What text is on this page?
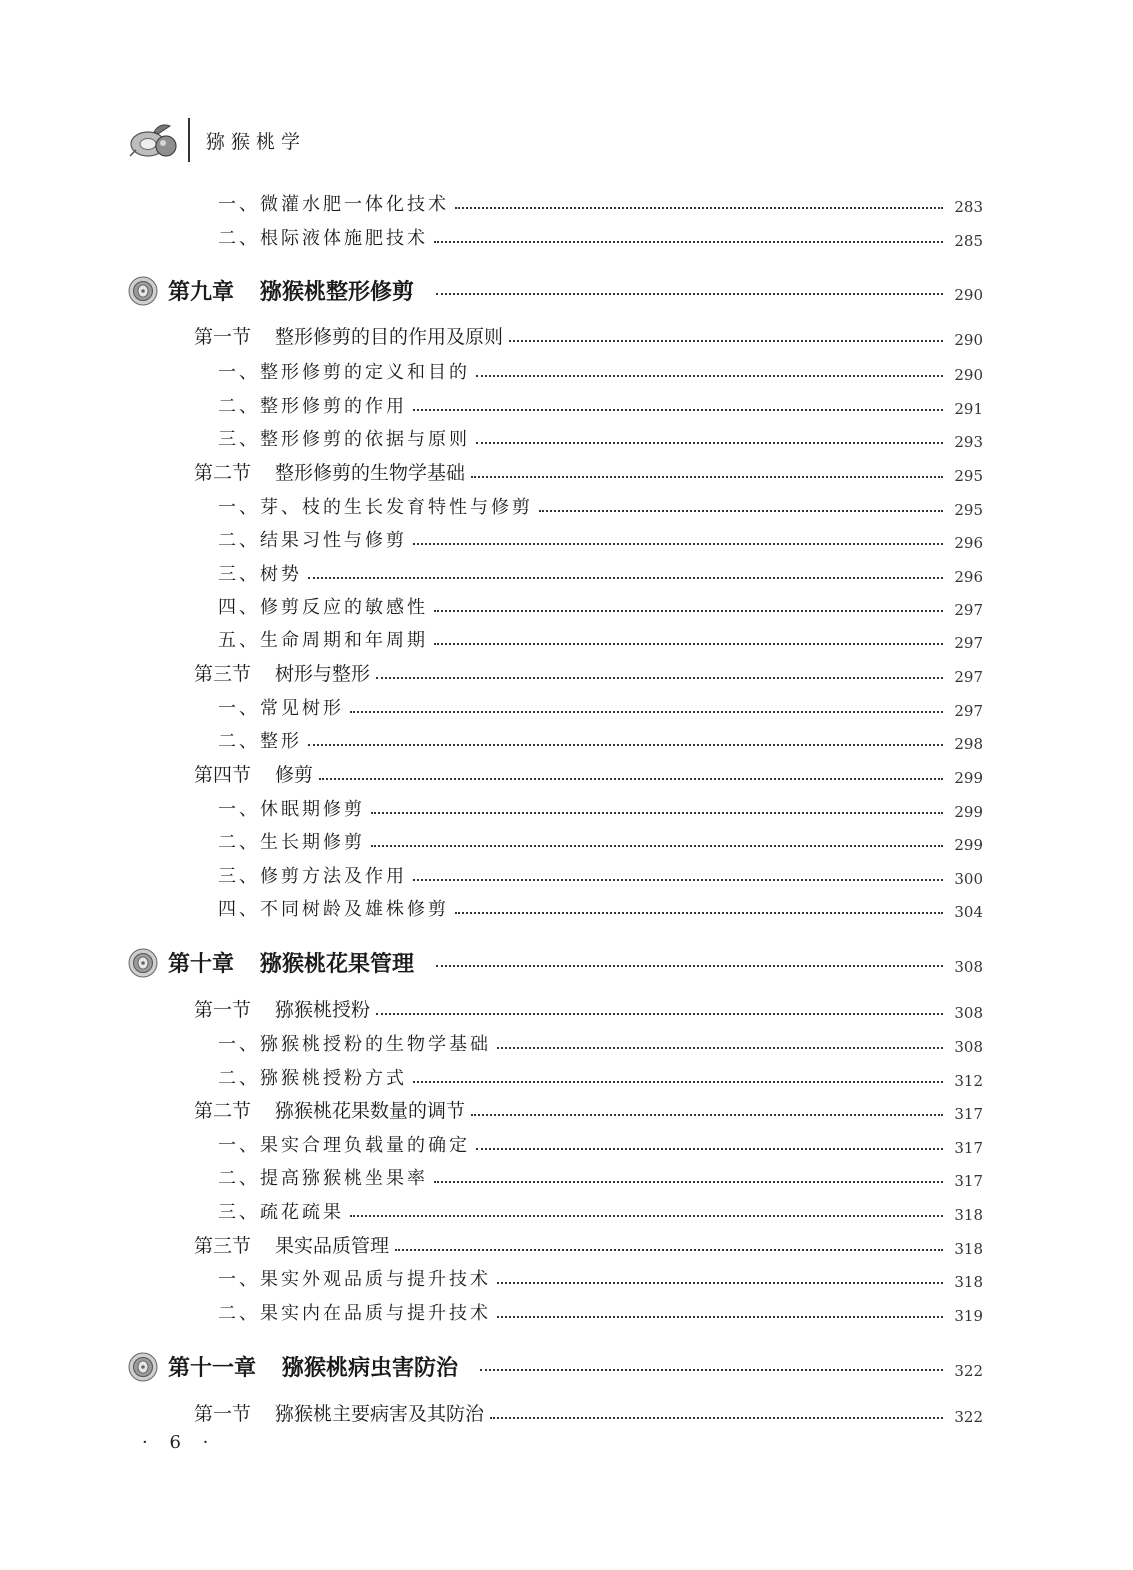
猕猴桃学
一、微灌水肥一体化技术	283
二、根际液体施肥技术	285
第九章 猕猴桃整形修剪	290
第一节 整形修剪的目的作用及原则	290
一、整形修剪的定义和目的	290
二、整形修剪的作用	291
三、整形修剪的依据与原则	293
第二节 整形修剪的生物学基础	295
一、芽、枝的生长发育特性与修剪	295
二、结果习性与修剪	296
三、树势	296
四、修剪反应的敏感性	297
五、生命周期和年周期	297
第三节 树形与整形	297
一、常见树形	297
二、整形	298
第四节 修剪	299
一、休眠期修剪	299
二、生长期修剪	299
三、修剪方法及作用	300
四、不同树龄及雄株修剪	304
第十章 猕猴桃花果管理	308
第一节 猕猴桃授粉	308
一、猕猴桃授粉的生物学基础	308
二、猕猴桃授粉方式	312
第二节 猕猴桃花果数量的调节	317
一、果实合理负载量的确定	317
二、提高猕猴桃坐果率	317
三、疏花疏果	318
第三节 果实品质管理	318
一、果实外观品质与提升技术	318
二、果实内在品质与提升技术	319
第十一章 猕猴桃病虫害防治	322
第一节 猕猴桃主要病害及其防治	322
· 6 ·
